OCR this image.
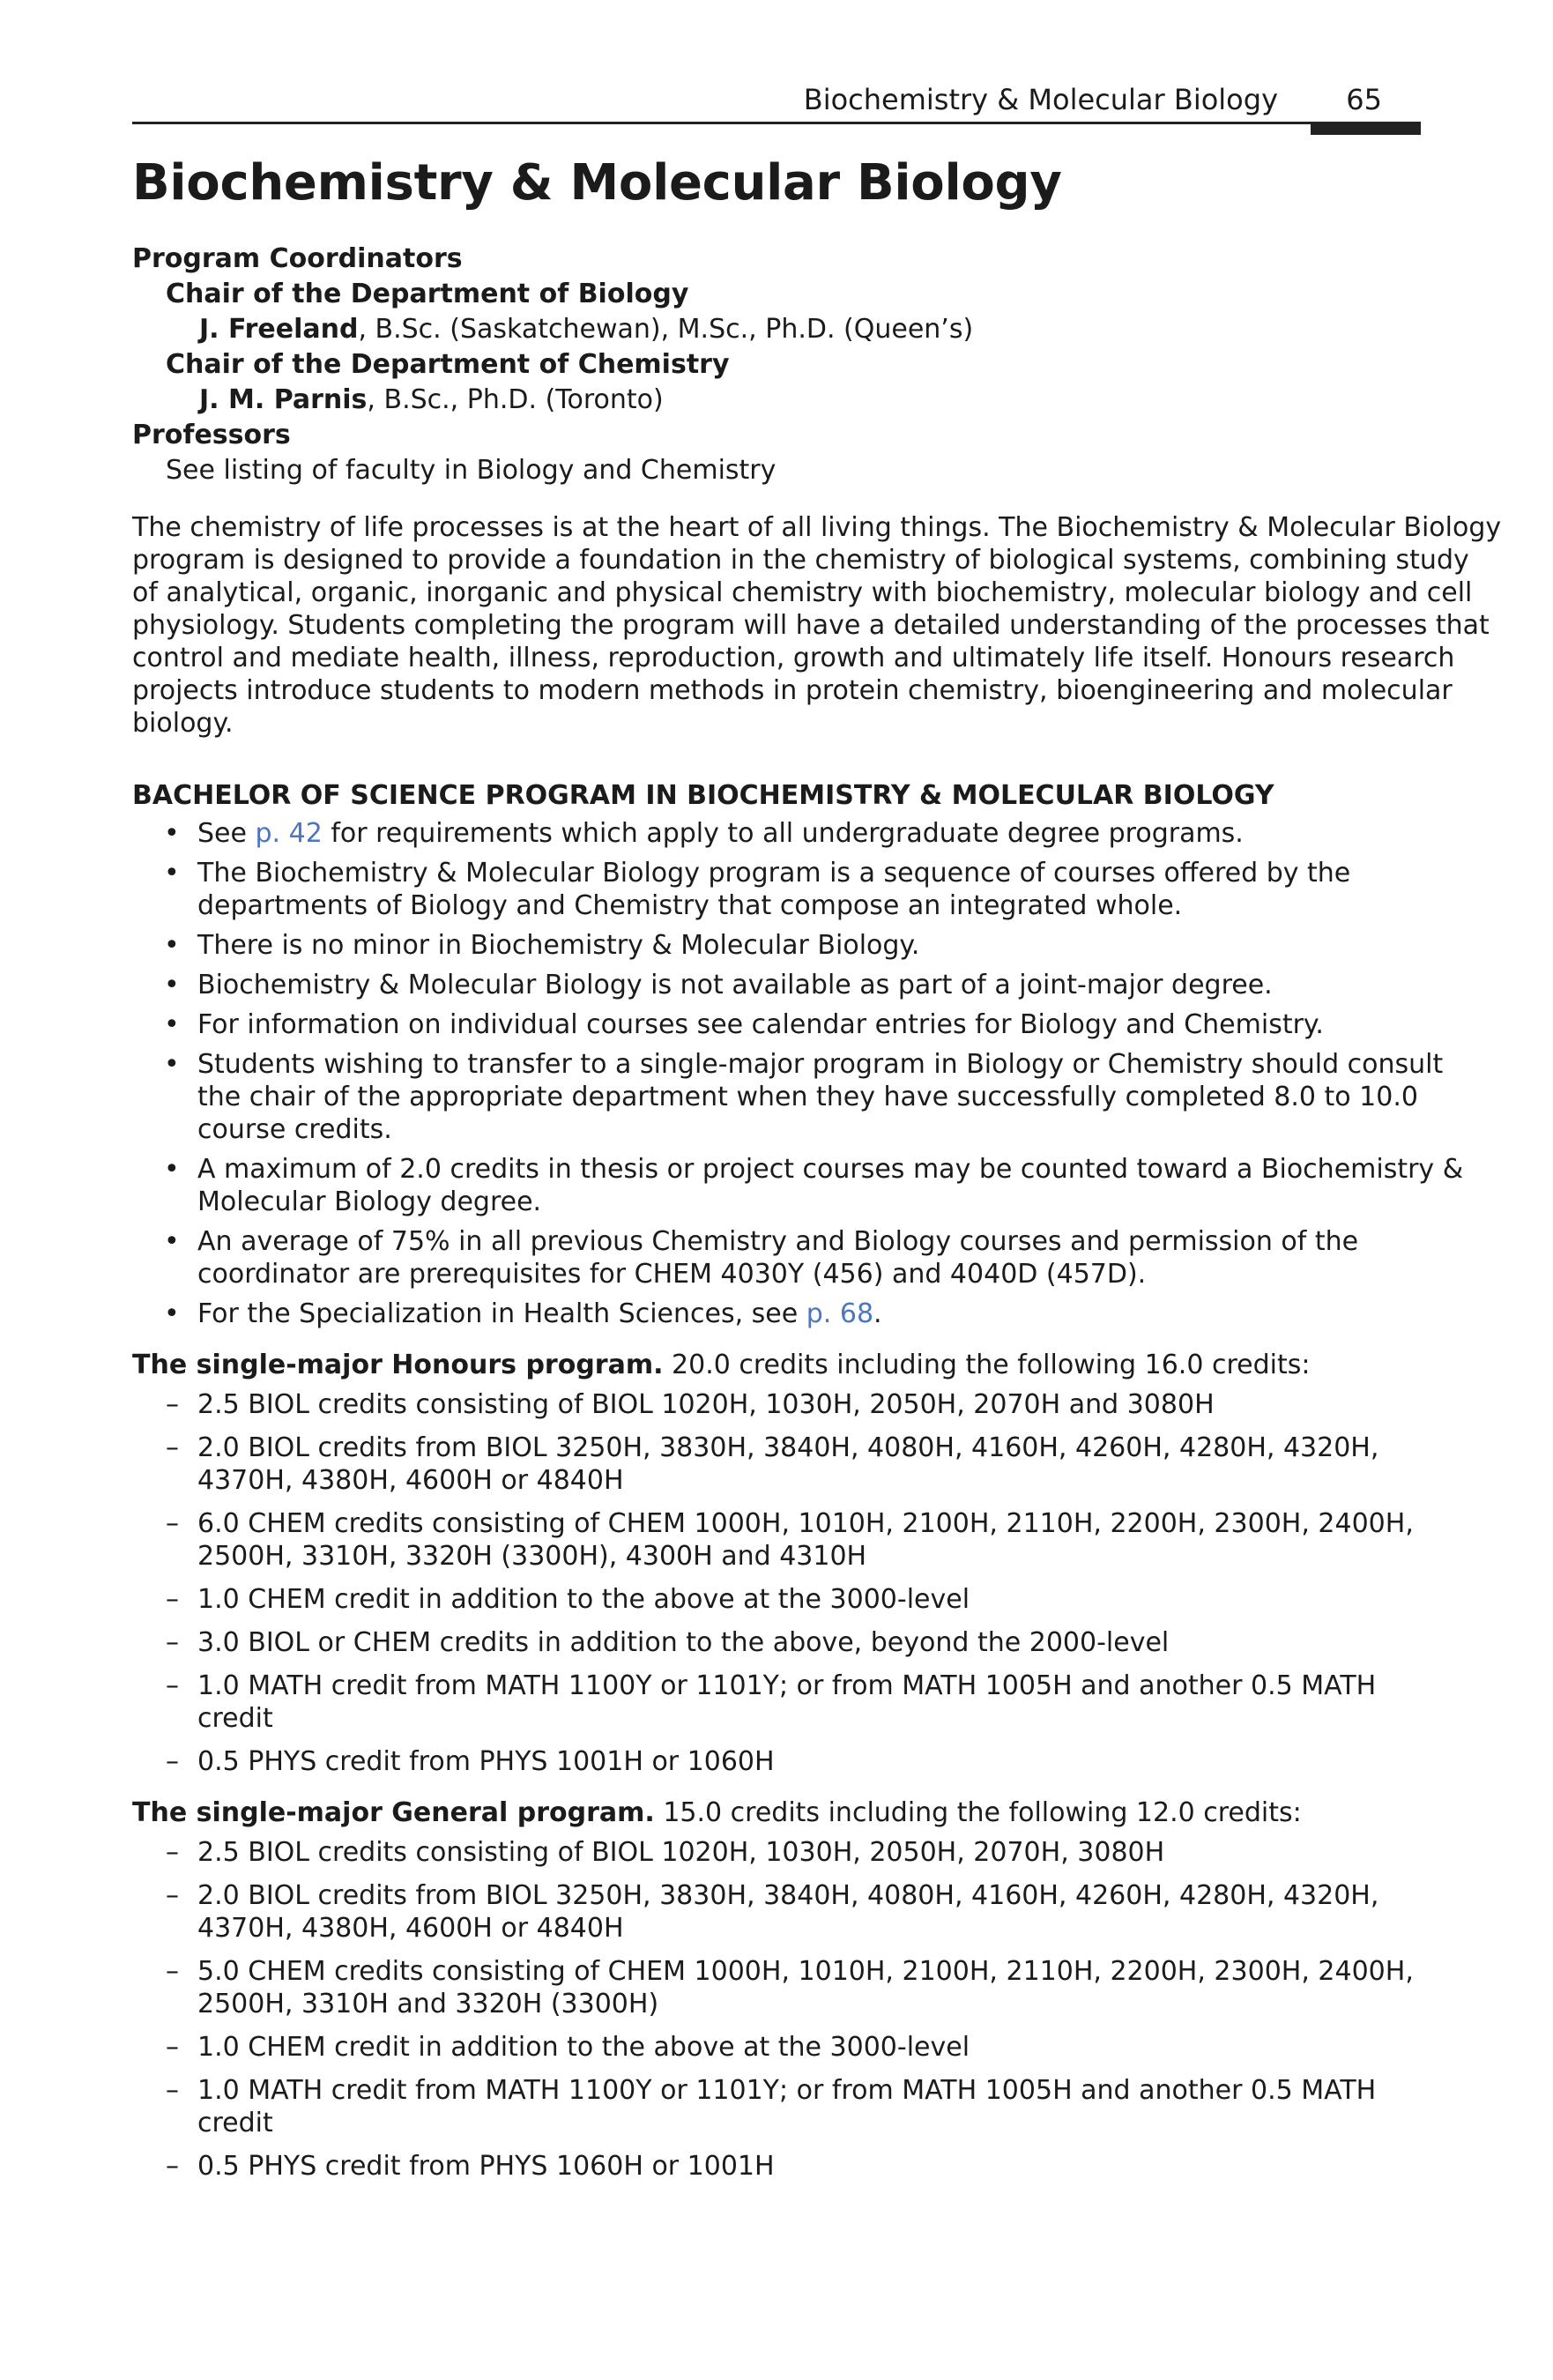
Biochemistry & Molecular Biology 65
Biochemistry & Molecular Biology
Program Coordinators
Chair of the Department of Biology
J. Freeland, B.Sc. (Saskatchewan), M.Sc., Ph.D. (Queen’s)
Chair of the Department of Chemistry
J. M. Parnis, B.Sc., Ph.D. (Toronto)
Professors
See listing of faculty in Biology and Chemistry
The chemistry of life processes is at the heart of all living things. The Biochemistry & Molecular Biology
program is designed to provide a foundation in the chemistry of biological systems, combining study
of analytical, organic, inorganic and physical chemistry with biochemistry, molecular biology and cell
physiology. Students completing the program will have a detailed understanding of the processes that
control and mediate health, illness, reproduction, growth and ultimately life itself. Honours research
projects introduce students to modern methods in protein chemistry, bioengineering and molecular
biology.
BACHELOR OF SCIENCE PROGRAM IN BIOCHEMISTRY & MOLECULAR BIOLOGY
• See p. 42 for requirements which apply to all undergraduate degree programs.
• The Biochemistry & Molecular Biology program is a sequence of courses offered by the
departments of Biology and Chemistry that compose an integrated whole.
• There is no minor in Biochemistry & Molecular Biology.
• Biochemistry & Molecular Biology is not available as part of a joint-major degree.
• For information on individual courses see calendar entries for Biology and Chemistry.
• Students wishing to transfer to a single-major program in Biology or Chemistry should consult
the chair of the appropriate department when they have successfully completed 8.0 to 10.0
course credits.
• A maximum of 2.0 credits in thesis or project courses may be counted toward a Biochemistry &
Molecular Biology degree.
• An average of 75% in all previous Chemistry and Biology courses and permission of the
coordinator are prerequisites for CHEM 4030Y (456) and 4040D (457D).
• For the Specialization in Health Sciences, see p. 68.
The single-major Honours program. 20.0 credits including the following 16.0 credits:
– 2.5 BIOL credits consisting of BIOL 1020H, 1030H, 2050H, 2070H and 3080H
– 2.0 BIOL credits from BIOL 3250H, 3830H, 3840H, 4080H, 4160H, 4260H, 4280H, 4320H,
4370H, 4380H, 4600H or 4840H
– 6.0 CHEM credits consisting of CHEM 1000H, 1010H, 2100H, 2110H, 2200H, 2300H, 2400H,
2500H, 3310H, 3320H (3300H), 4300H and 4310H
– 1.0 CHEM credit in addition to the above at the 3000-level
– 3.0 BIOL or CHEM credits in addition to the above, beyond the 2000-level
– 1.0 MATH credit from MATH 1100Y or 1101Y; or from MATH 1005H and another 0.5 MATH
credit
– 0.5 PHYS credit from PHYS 1001H or 1060H
The single-major General program. 15.0 credits including the following 12.0 credits:
– 2.5 BIOL credits consisting of BIOL 1020H, 1030H, 2050H, 2070H, 3080H
– 2.0 BIOL credits from BIOL 3250H, 3830H, 3840H, 4080H, 4160H, 4260H, 4280H, 4320H,
4370H, 4380H, 4600H or 4840H
– 5.0 CHEM credits consisting of CHEM 1000H, 1010H, 2100H, 2110H, 2200H, 2300H, 2400H,
2500H, 3310H and 3320H (3300H)
– 1.0 CHEM credit in addition to the above at the 3000-level
– 1.0 MATH credit from MATH 1100Y or 1101Y; or from MATH 1005H and another 0.5 MATH
credit
– 0.5 PHYS credit from PHYS 1060H or 1001H
